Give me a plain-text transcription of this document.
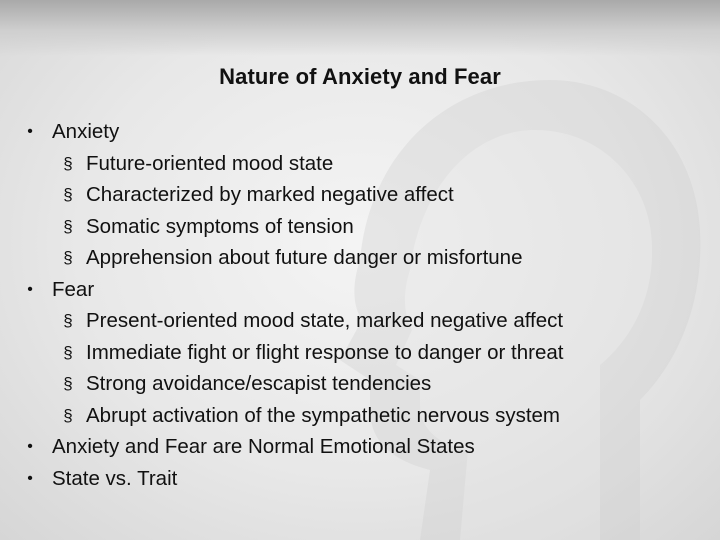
Nature of Anxiety and Fear
• Anxiety
§ Future-oriented mood state
§ Characterized by marked negative affect
§ Somatic symptoms of tension
§ Apprehension about future danger or misfortune
• Fear
§ Present-oriented mood state, marked negative affect
§ Immediate fight or flight response to danger or threat
§ Strong avoidance/escapist tendencies
§ Abrupt activation of the sympathetic nervous system
• Anxiety and Fear are Normal Emotional States
• State vs. Trait
